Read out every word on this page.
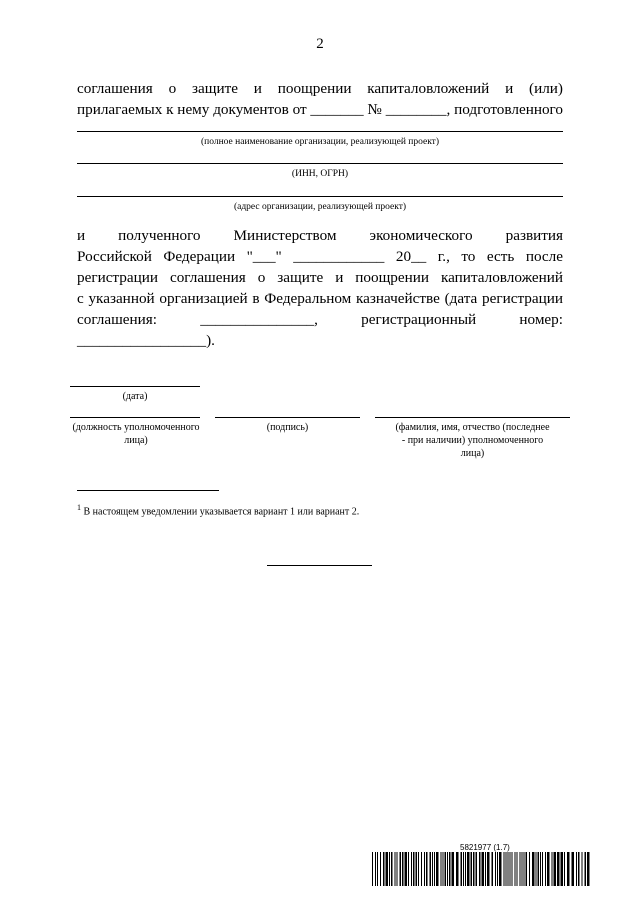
2
соглашения о защите и поощрении капиталовложений и (или)
прилагаемых к нему документов от _______ № ________, подготовленного
(полное наименование организации, реализующей проект)
(ИНН, ОГРН)
(адрес организации, реализующей проект)
и полученного Министерством экономического развития
Российской Федерации "___" ____________ 20__ г., то есть после
регистрации соглашения о защите и поощрении капиталовложений
с указанной организацией в Федеральном казначействе (дата регистрации
соглашения: _______________, регистрационный номер:
_________________).
(дата)
(должность уполномоченного лица)
(подпись)	(фамилия, имя, отчество (последнее - при наличии) уполномоченного лица)
$^1$ В настоящем уведомлении указывается вариант 1 или вариант 2.
5821977 (1.7)
